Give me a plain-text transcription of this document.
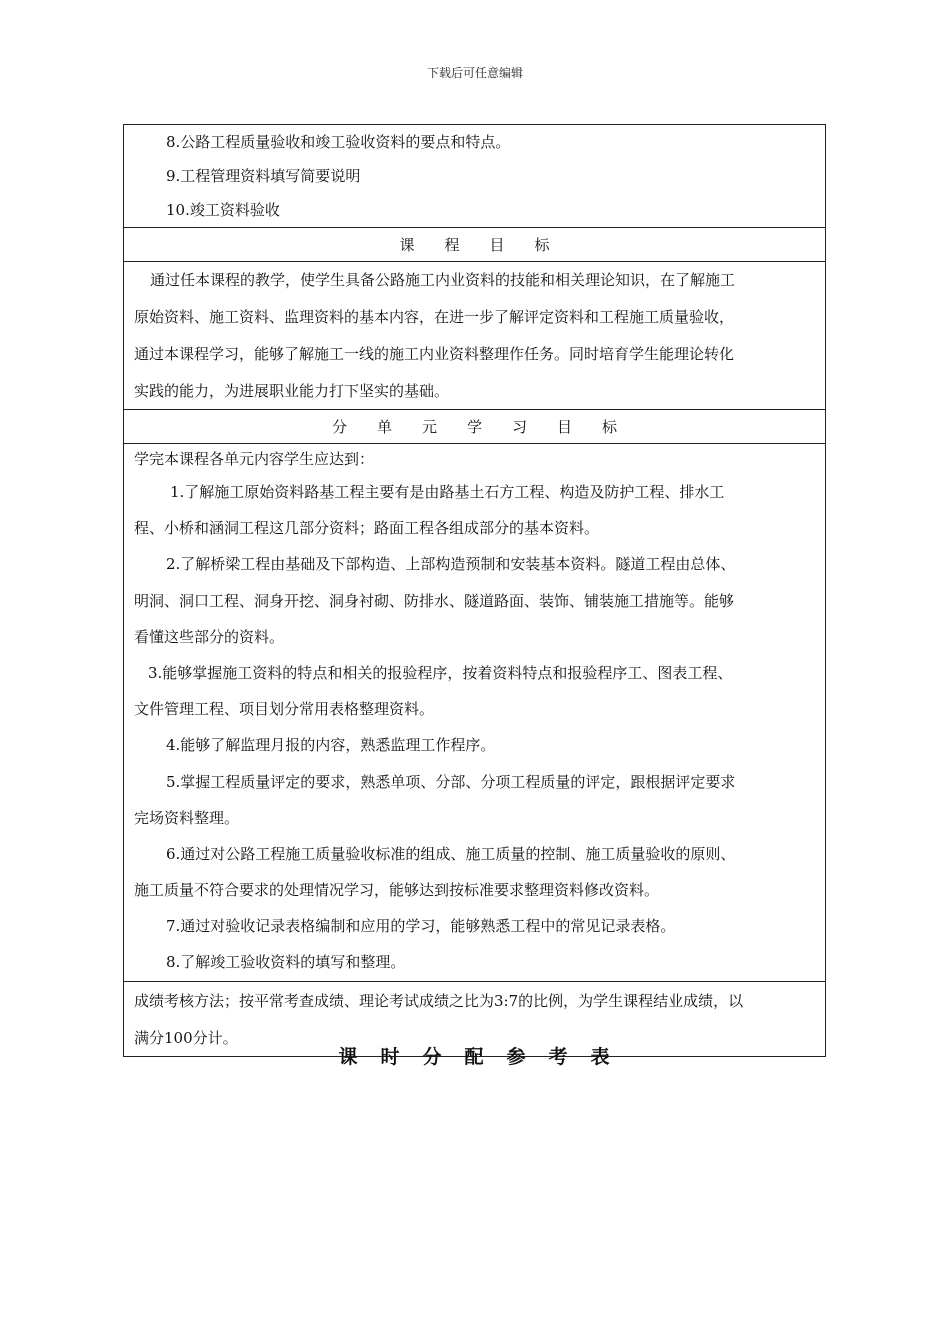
下载后可任意编辑
8.公路工程质量验收和竣工验收资料的要点和特点。
9.工程管理资料填写简要说明
10.竣工资料验收
课　　程　　目　　标
通过任本课程的教学，使学生具备公路施工内业资料的技能和相关理论知识，在了解施工
原始资料、施工资料、监理资料的基本内容，在进一步了解评定资料和工程施工质量验收，
通过本课程学习，能够了解施工一线的施工内业资料整理作任务。同时培育学生能理论转化
实践的能力，为进展职业能力打下坚实的基础。
分　　单　　元　　学　　习　　目　　标
学完本课程各单元内容学生应达到：
1.了解施工原始资料路基工程主要有是由路基土石方工程、构造及防护工程、排水工
程、小桥和涵洞工程这几部分资料；路面工程各组成部分的基本资料。
2.了解桥梁工程由基础及下部构造、上部构造预制和安装基本资料。隧道工程由总体、
明洞、洞口工程、洞身开挖、洞身衬砌、防排水、隧道路面、装饰、铺装施工措施等。能够
看懂这些部分的资料。
3.能够掌握施工资料的特点和相关的报验程序，按着资料特点和报验程序工、图表工程、
文件管理工程、项目划分常用表格整理资料。
4.能够了解监理月报的内容，熟悉监理工作程序。
5.掌握工程质量评定的要求，熟悉单项、分部、分项工程质量的评定，跟根据评定要求
完场资料整理。
6.通过对公路工程施工质量验收标准的组成、施工质量的控制、施工质量验收的原则、
施工质量不符合要求的处理情况学习，能够达到按标准要求整理资料修改资料。
7.通过对验收记录表格编制和应用的学习，能够熟悉工程中的常见记录表格。
8.了解竣工验收资料的填写和整理。
成绩考核方法；按平常考查成绩、理论考试成绩之比为3:7的比例，为学生课程结业成绩，以
满分100分计。
课　时　分　配　参　考　表
